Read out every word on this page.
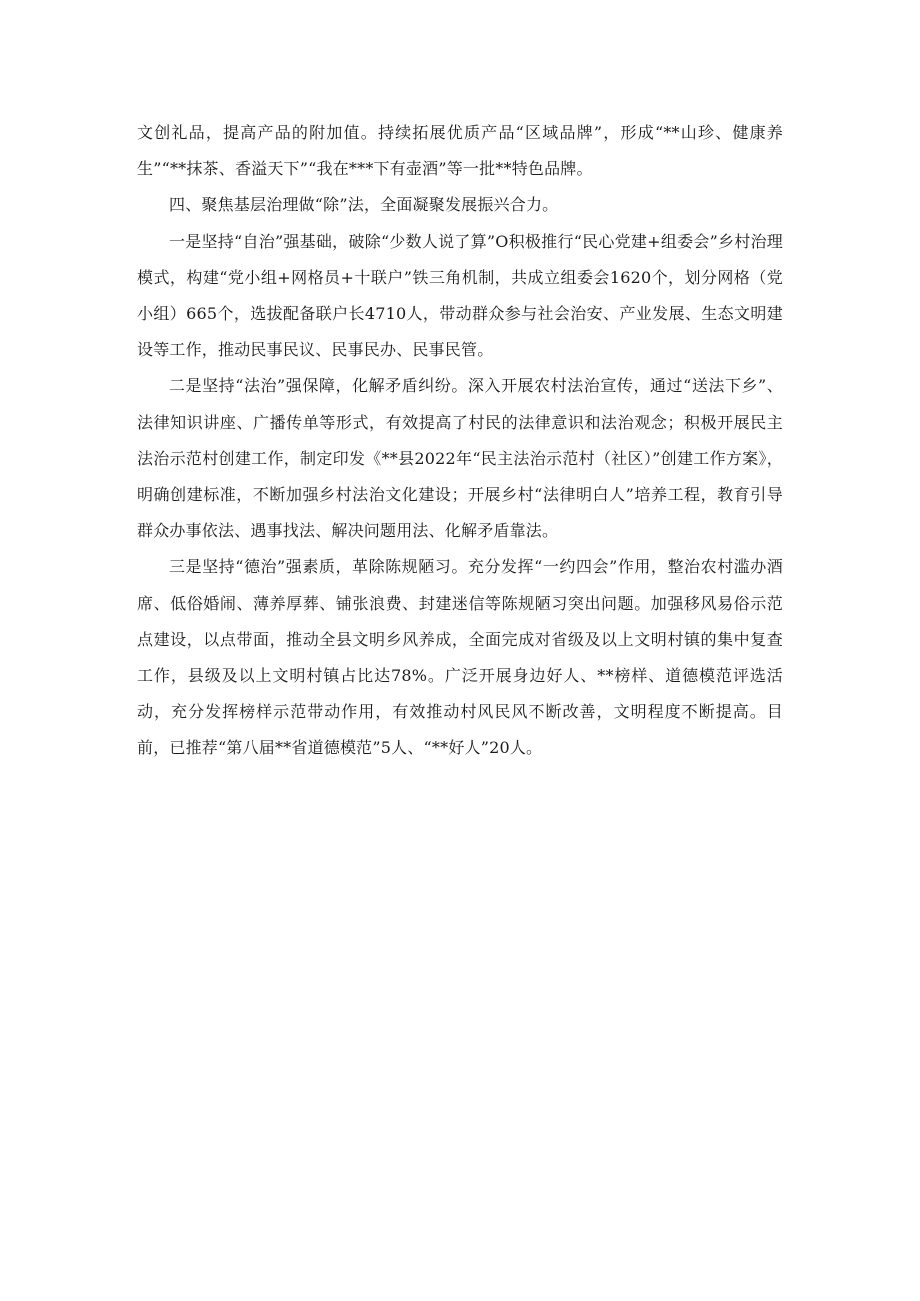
文创礼品，提高产品的附加值。持续拓展优质产品“区域品牌”，形成“**山珍、健康养生”“**抹茶、香溢天下”“我在***下有壶酒”等一批**特色品牌。

四、聚焦基层治理做“除”法，全面凝聚发展振兴合力。

一是坚持“自治”强基础，破除“少数人说了算”O积极推行“民心党建+组委会”乡村治理模式，构建“党小组+网格员+十联户”铁三角机制，共成立组委会1620个，划分网格（党小组）665个，选拔配备联户长4710人，带动群众参与社会治安、产业发展、生态文明建设等工作，推动民事民议、民事民办、民事民管。

二是坚持“法治”强保障，化解矛盾纠纷。深入开展农村法治宣传，通过“送法下乡”、法律知识讲座、广播传单等形式，有效提高了村民的法律意识和法治观念；积极开展民主法治示范村创建工作，制定印发《**县2022年“民主法治示范村（社区）”创建工作方案》，明确创建标准，不断加强乡村法治文化建设；开展乡村“法律明白人”培养工程，教育引导群众办事依法、遇事找法、解决问题用法、化解矛盾靠法。

三是坚持“德治”强素质，革除陈规陋习。充分发挥“一约四会”作用，整治农村滥办酒席、低俗婚闹、薄养厚葬、铺张浪费、封建迷信等陈规陋习突出问题。加强移风易俗示范点建设，以点带面，推动全县文明乡风养成，全面完成对省级及以上文明村镇的集中复查工作，县级及以上文明村镇占比达78%。广泛开展身边好人、**榜样、道德模范评选活动，充分发挥榜样示范带动作用，有效推动村风民风不断改善，文明程度不断提高。目前，已推荐“第八届**省道德模范”5人、“**好人”20人。
